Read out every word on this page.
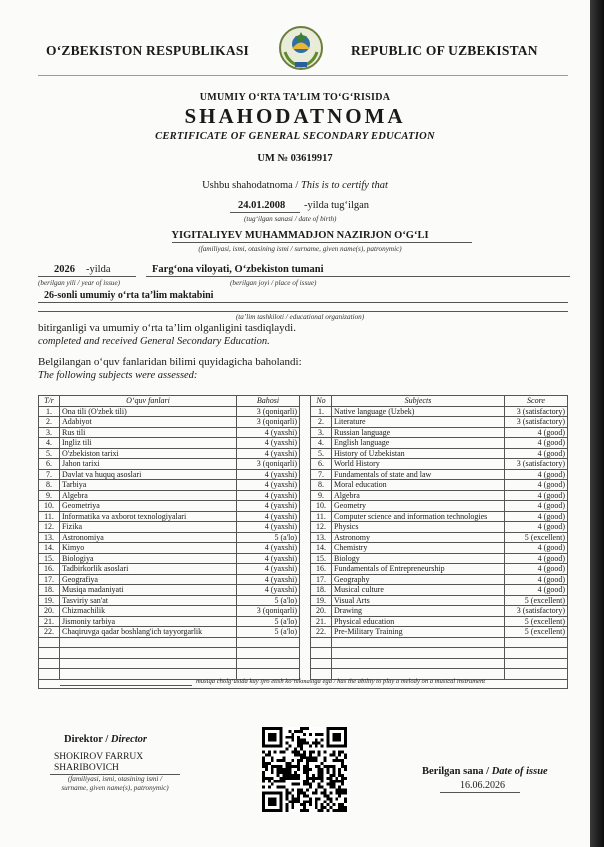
O‘ZBEKISTON RESPUBLIKASI	REPUBLIC OF UZBEKISTAN
UMUMIY O‘RTA TA’LIM TO‘G‘RISIDA
SHAHODATNOMA
CERTIFICATE OF GENERAL SECONDARY EDUCATION
UM № 03619917
Ushbu shahodatnoma / This is to certify that
24.01.2008 -yilda tug‘ilgan
(tug‘ilgan sanasi / date of birth)
YIGITALIYEV MUHAMMADJON NAZIRJON O‘G‘LI
(familiyasi, ismi, otasining ismi / surname, given name(s), patronymic)
2026 -yilda	Farg‘ona viloyati, O‘zbekiston tumani
(berilgan yili / year of issue)	(berilgan joyi / place of issue)
26-sonli umumiy o‘rta ta’lim maktabini
(ta’lim tashkiloti / educational organization)
bitirganligi va umumiy o‘rta ta’lim olganligini tasdiqlaydi.
completed and received General Secondary Education.
Belgilangan o‘quv fanlaridan bilimi quyidagicha baholandi:
The following subjects were assessed:
T/r	O‘quv fanlari	Bahosi
1.	Ona tili (O'zbek tili)	3 (qoniqarli)
2.	Adabiyot	3 (qoniqarli)
3.	Rus tili	4 (yaxshi)
4.	Ingliz tili	4 (yaxshi)
5.	O'zbekiston tarixi	4 (yaxshi)
6.	Jahon tarixi	3 (qoniqarli)
7.	Davlat va huquq asoslari	4 (yaxshi)
8.	Tarbiya	4 (yaxshi)
9.	Algebra	4 (yaxshi)
10.	Geometriya	4 (yaxshi)
11.	Informatika va axborot texnologiyalari	4 (yaxshi)
12.	Fizika	4 (yaxshi)
13.	Astronomiya	5 (a'lo)
14.	Kimyo	4 (yaxshi)
15.	Biologiya	4 (yaxshi)
16.	Tadbirkorlik asoslari	4 (yaxshi)
17.	Geografiya	4 (yaxshi)
18.	Musiqa madaniyati	4 (yaxshi)
19.	Tasviriy san'at	5 (a'lo)
20.	Chizmachilik	3 (qoniqarli)
21.	Jismoniy tarbiya	5 (a'lo)
22.	Chaqiruvga qadar boshlang'ich tayyorgarlik	5 (a'lo)

No	Subjects	Score
1.	Native language (Uzbek)	3 (satisfactory)
2.	Literature	3 (satisfactory)
3.	Russian language	4 (good)
4.	English language	4 (good)
5.	History of Uzbekistan	4 (good)
6.	World History	3 (satisfactory)
7.	Fundamentals of state and law	4 (good)
8.	Moral education	4 (good)
9.	Algebra	4 (good)
10.	Geometry	4 (good)
11.	Computer science and information technologies	4 (good)
12.	Physics	4 (good)
13.	Astronomy	5 (excellent)
14.	Chemistry	4 (good)
15.	Biology	4 (good)
16.	Fundamentals of Entrepreneurship	4 (good)
17.	Geography	4 (good)
18.	Musical culture	4 (good)
19.	Visual Arts	5 (excellent)
20.	Drawing	3 (satisfactory)
21.	Physical education	5 (excellent)
22.	Pre-Military Training	5 (excellent)

musiqa cholg‘usida kuy ijro etish ko‘nikmasiga ega / has the ability to play a melody on a musical instrument
Direktor / Director
SHOKIROV FARRUX
SHARIBOVICH
(familiyasi, ismi, otasining ismi /
surname, given name(s), patronymic)
Berilgan sana / Date of issue
16.06.2026
